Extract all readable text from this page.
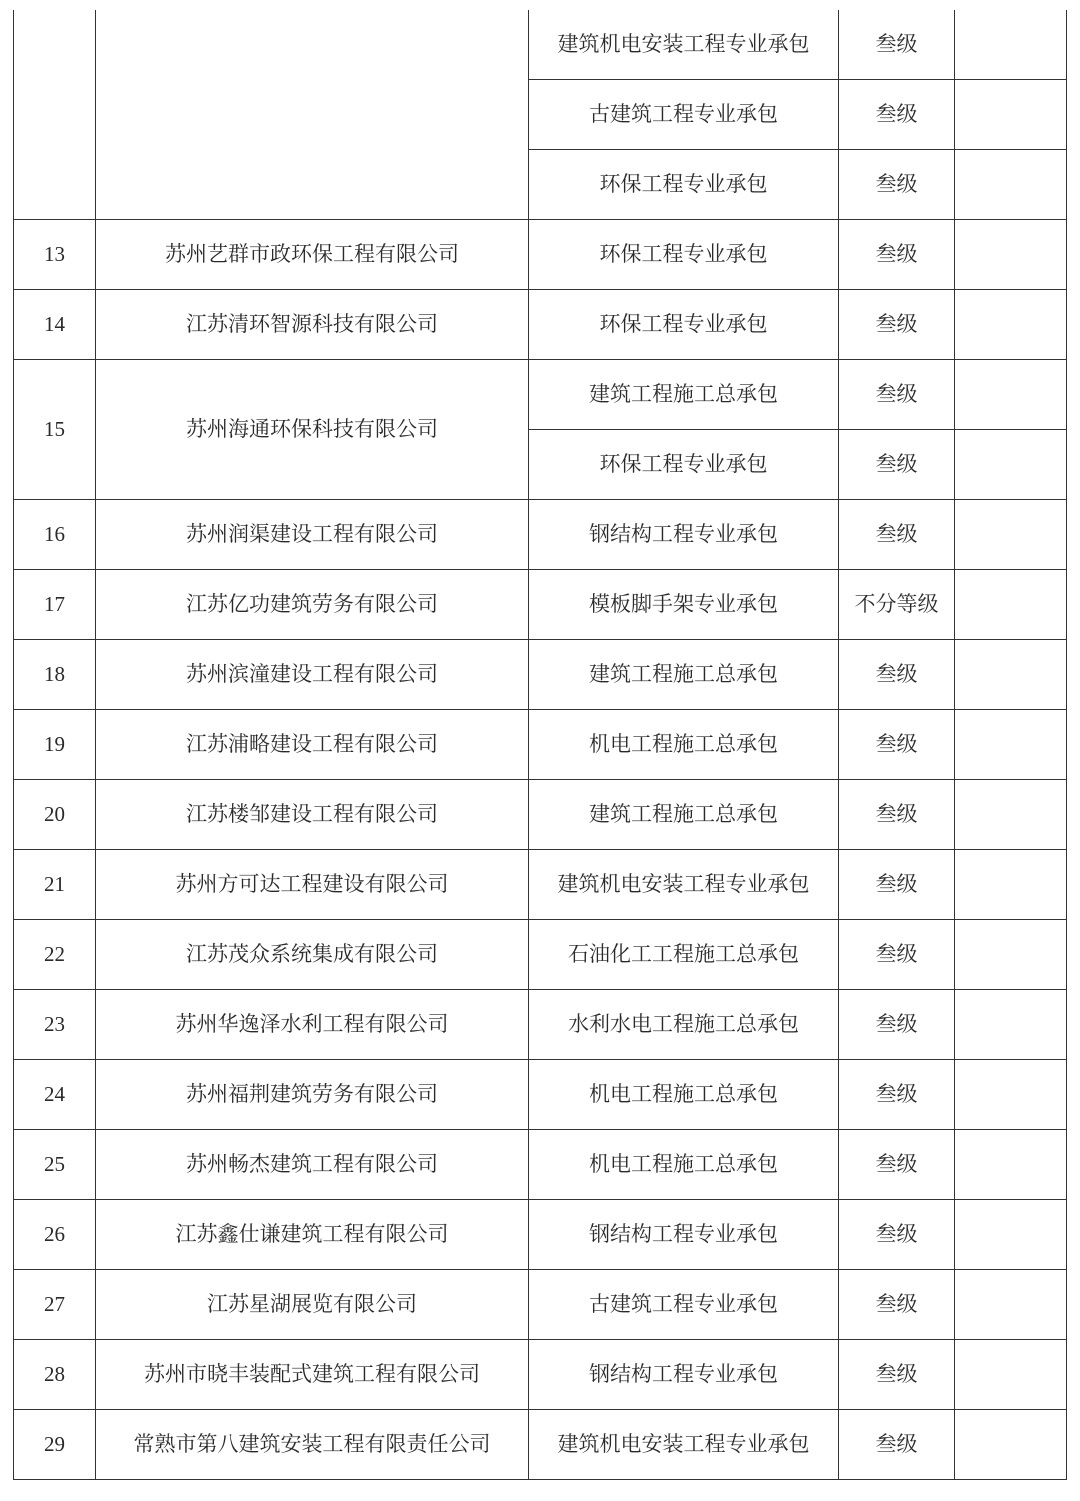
		建筑机电安装工程专业承包	叁级	
		古建筑工程专业承包	叁级	
		环保工程专业承包	叁级	
13	苏州艺群市政环保工程有限公司	环保工程专业承包	叁级	
14	江苏清环智源科技有限公司	环保工程专业承包	叁级	
15	苏州海通环保科技有限公司	建筑工程施工总承包	叁级	
		环保工程专业承包	叁级	
16	苏州润渠建设工程有限公司	钢结构工程专业承包	叁级	
17	江苏亿功建筑劳务有限公司	模板脚手架专业承包	不分等级	
18	苏州滨潼建设工程有限公司	建筑工程施工总承包	叁级	
19	江苏浦略建设工程有限公司	机电工程施工总承包	叁级	
20	江苏楼邹建设工程有限公司	建筑工程施工总承包	叁级	
21	苏州方可达工程建设有限公司	建筑机电安装工程专业承包	叁级	
22	江苏茂众系统集成有限公司	石油化工工程施工总承包	叁级	
23	苏州华逸泽水利工程有限公司	水利水电工程施工总承包	叁级	
24	苏州福荆建筑劳务有限公司	机电工程施工总承包	叁级	
25	苏州畅杰建筑工程有限公司	机电工程施工总承包	叁级	
26	江苏鑫仕谦建筑工程有限公司	钢结构工程专业承包	叁级	
27	江苏星湖展览有限公司	古建筑工程专业承包	叁级	
28	苏州市晓丰装配式建筑工程有限公司	钢结构工程专业承包	叁级	
29	常熟市第八建筑安装工程有限责任公司	建筑机电安装工程专业承包	叁级	
